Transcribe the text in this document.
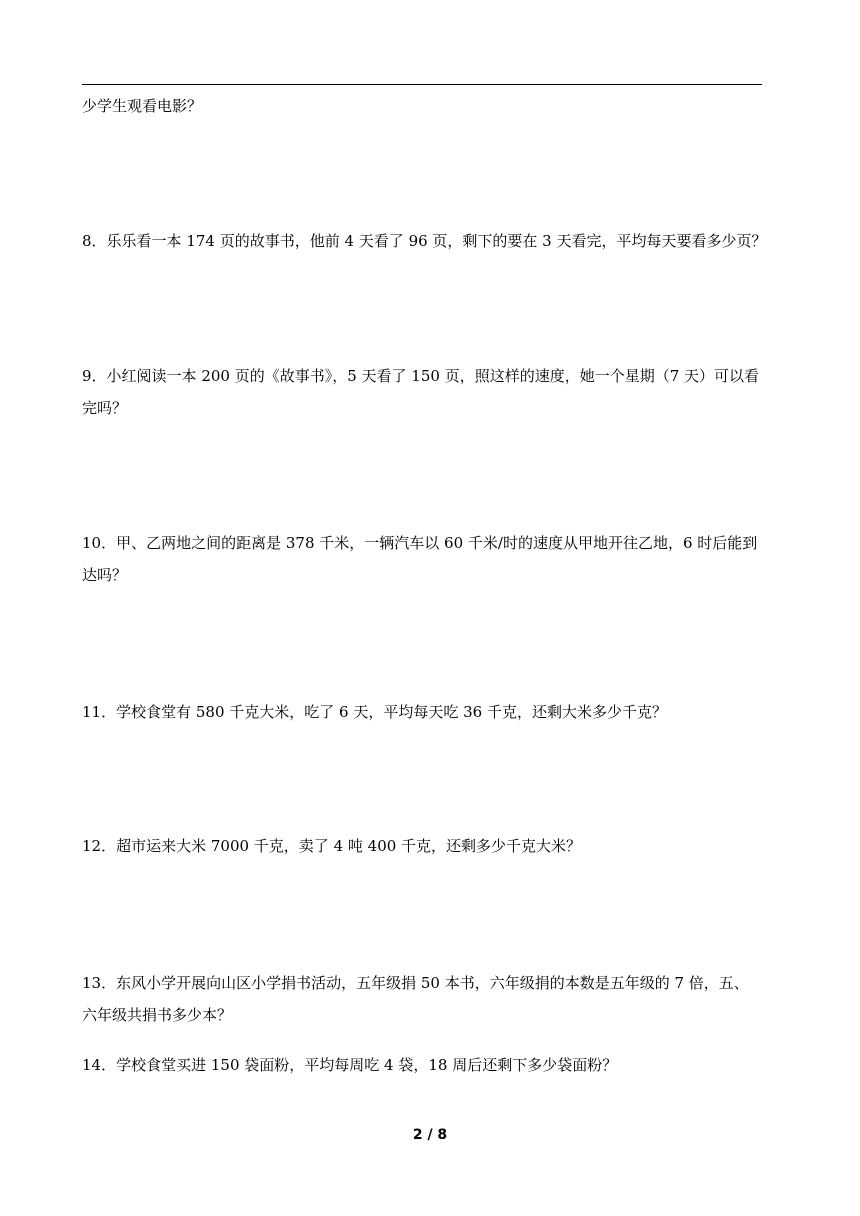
少学生观看电影？
8．乐乐看一本 174 页的故事书，他前 4 天看了 96 页，剩下的要在 3 天看完，平均每天要看多少页？
9．小红阅读一本 200 页的《故事书》，5 天看了 150 页，照这样的速度，她一个星期（7 天）可以看
完吗？
10．甲、乙两地之间的距离是 378 千米，一辆汽车以 60 千米/时的速度从甲地开往乙地，6 时后能到
达吗？
11．学校食堂有 580 千克大米，吃了 6 天，平均每天吃 36 千克，还剩大米多少千克？
12．超市运来大米 7000 千克，卖了 4 吨 400 千克，还剩多少千克大米？
13．东风小学开展向山区小学捐书活动，五年级捐 50 本书，六年级捐的本数是五年级的 7 倍，五、
六年级共捐书多少本？
14．学校食堂买进 150 袋面粉，平均每周吃 4 袋，18 周后还剩下多少袋面粉？
2 / 8
